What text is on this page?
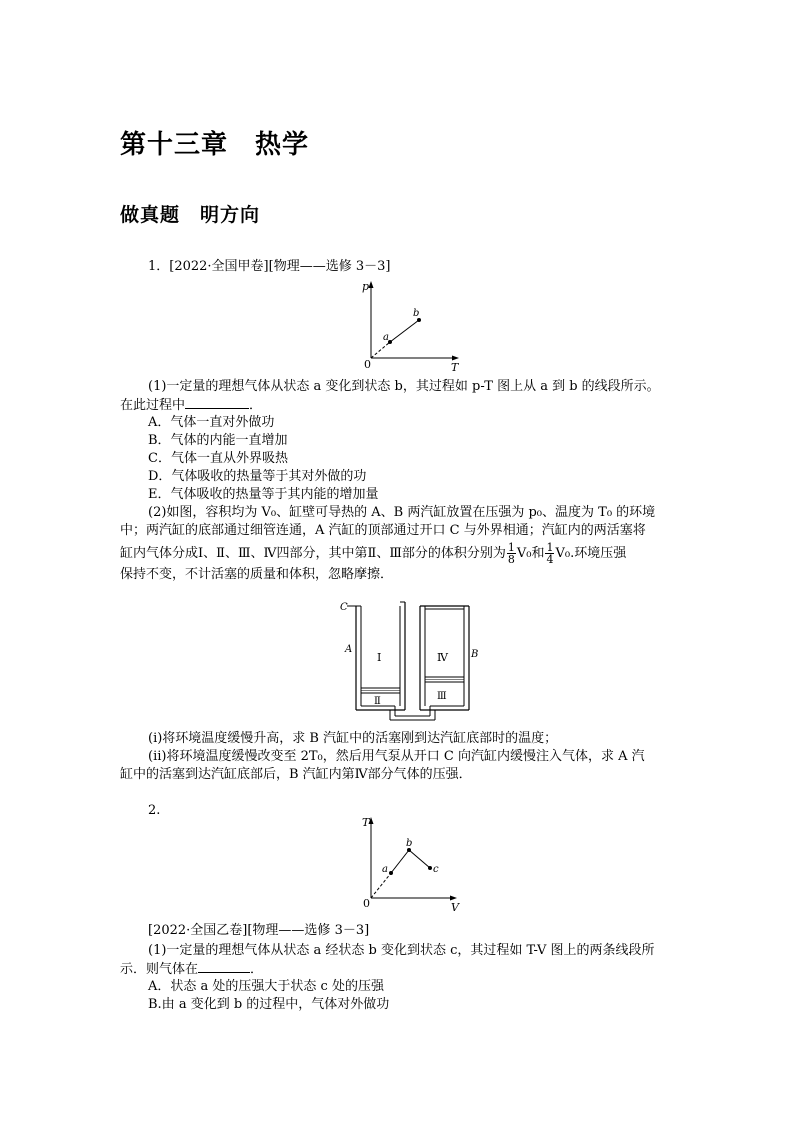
第十三章　热学
做真题　明方向
1．[2022·全国甲卷][物理——选修 3－3]
p
T
0
a
b
(1)一定量的理想气体从状态 a 变化到状态 b，其过程如 p-T 图上从 a 到 b 的线段所示。
在此过程中	．
A．气体一直对外做功
B．气体的内能一直增加
C．气体一直从外界吸热
D．气体吸收的热量等于其对外做的功
E．气体吸收的热量等于其内能的增加量
(2)如图，容积均为 V₀、缸壁可导热的 A、B 两汽缸放置在压强为 p₀、温度为 T₀ 的环境
中；两汽缸的底部通过细管连通，A 汽缸的顶部通过开口 C 与外界相通；汽缸内的两活塞将
缸内气体分成Ⅰ、Ⅱ、Ⅲ、Ⅳ四部分，其中第Ⅱ、Ⅲ部分的体积分别为 $\frac{1}{8} V_0$和 $\frac{1}{4} V_0$.环境压强
保持不变，不计活塞的质量和体积，忽略摩擦．
C
A	B
Ⅰ
Ⅱ	Ⅲ
Ⅳ
(ⅰ)将环境温度缓慢升高，求 B 汽缸中的活塞刚到达汽缸底部时的温度；
(ⅱ)将环境温度缓慢改变至 2T₀，然后用气泵从开口 C 向汽缸内缓慢注入气体，求 A 汽
缸中的活塞到达汽缸底部后，B 汽缸内第Ⅳ部分气体的压强．
2.
T
V
0
a
b
c
[2022·全国乙卷][物理——选修 3－3]
(1)一定量的理想气体从状态 a 经状态 b 变化到状态 c，其过程如 T-V 图上的两条线段所
示．则气体在	．
A．状态 a 处的压强大于状态 c 处的压强
B.由 a 变化到 b 的过程中，气体对外做功
